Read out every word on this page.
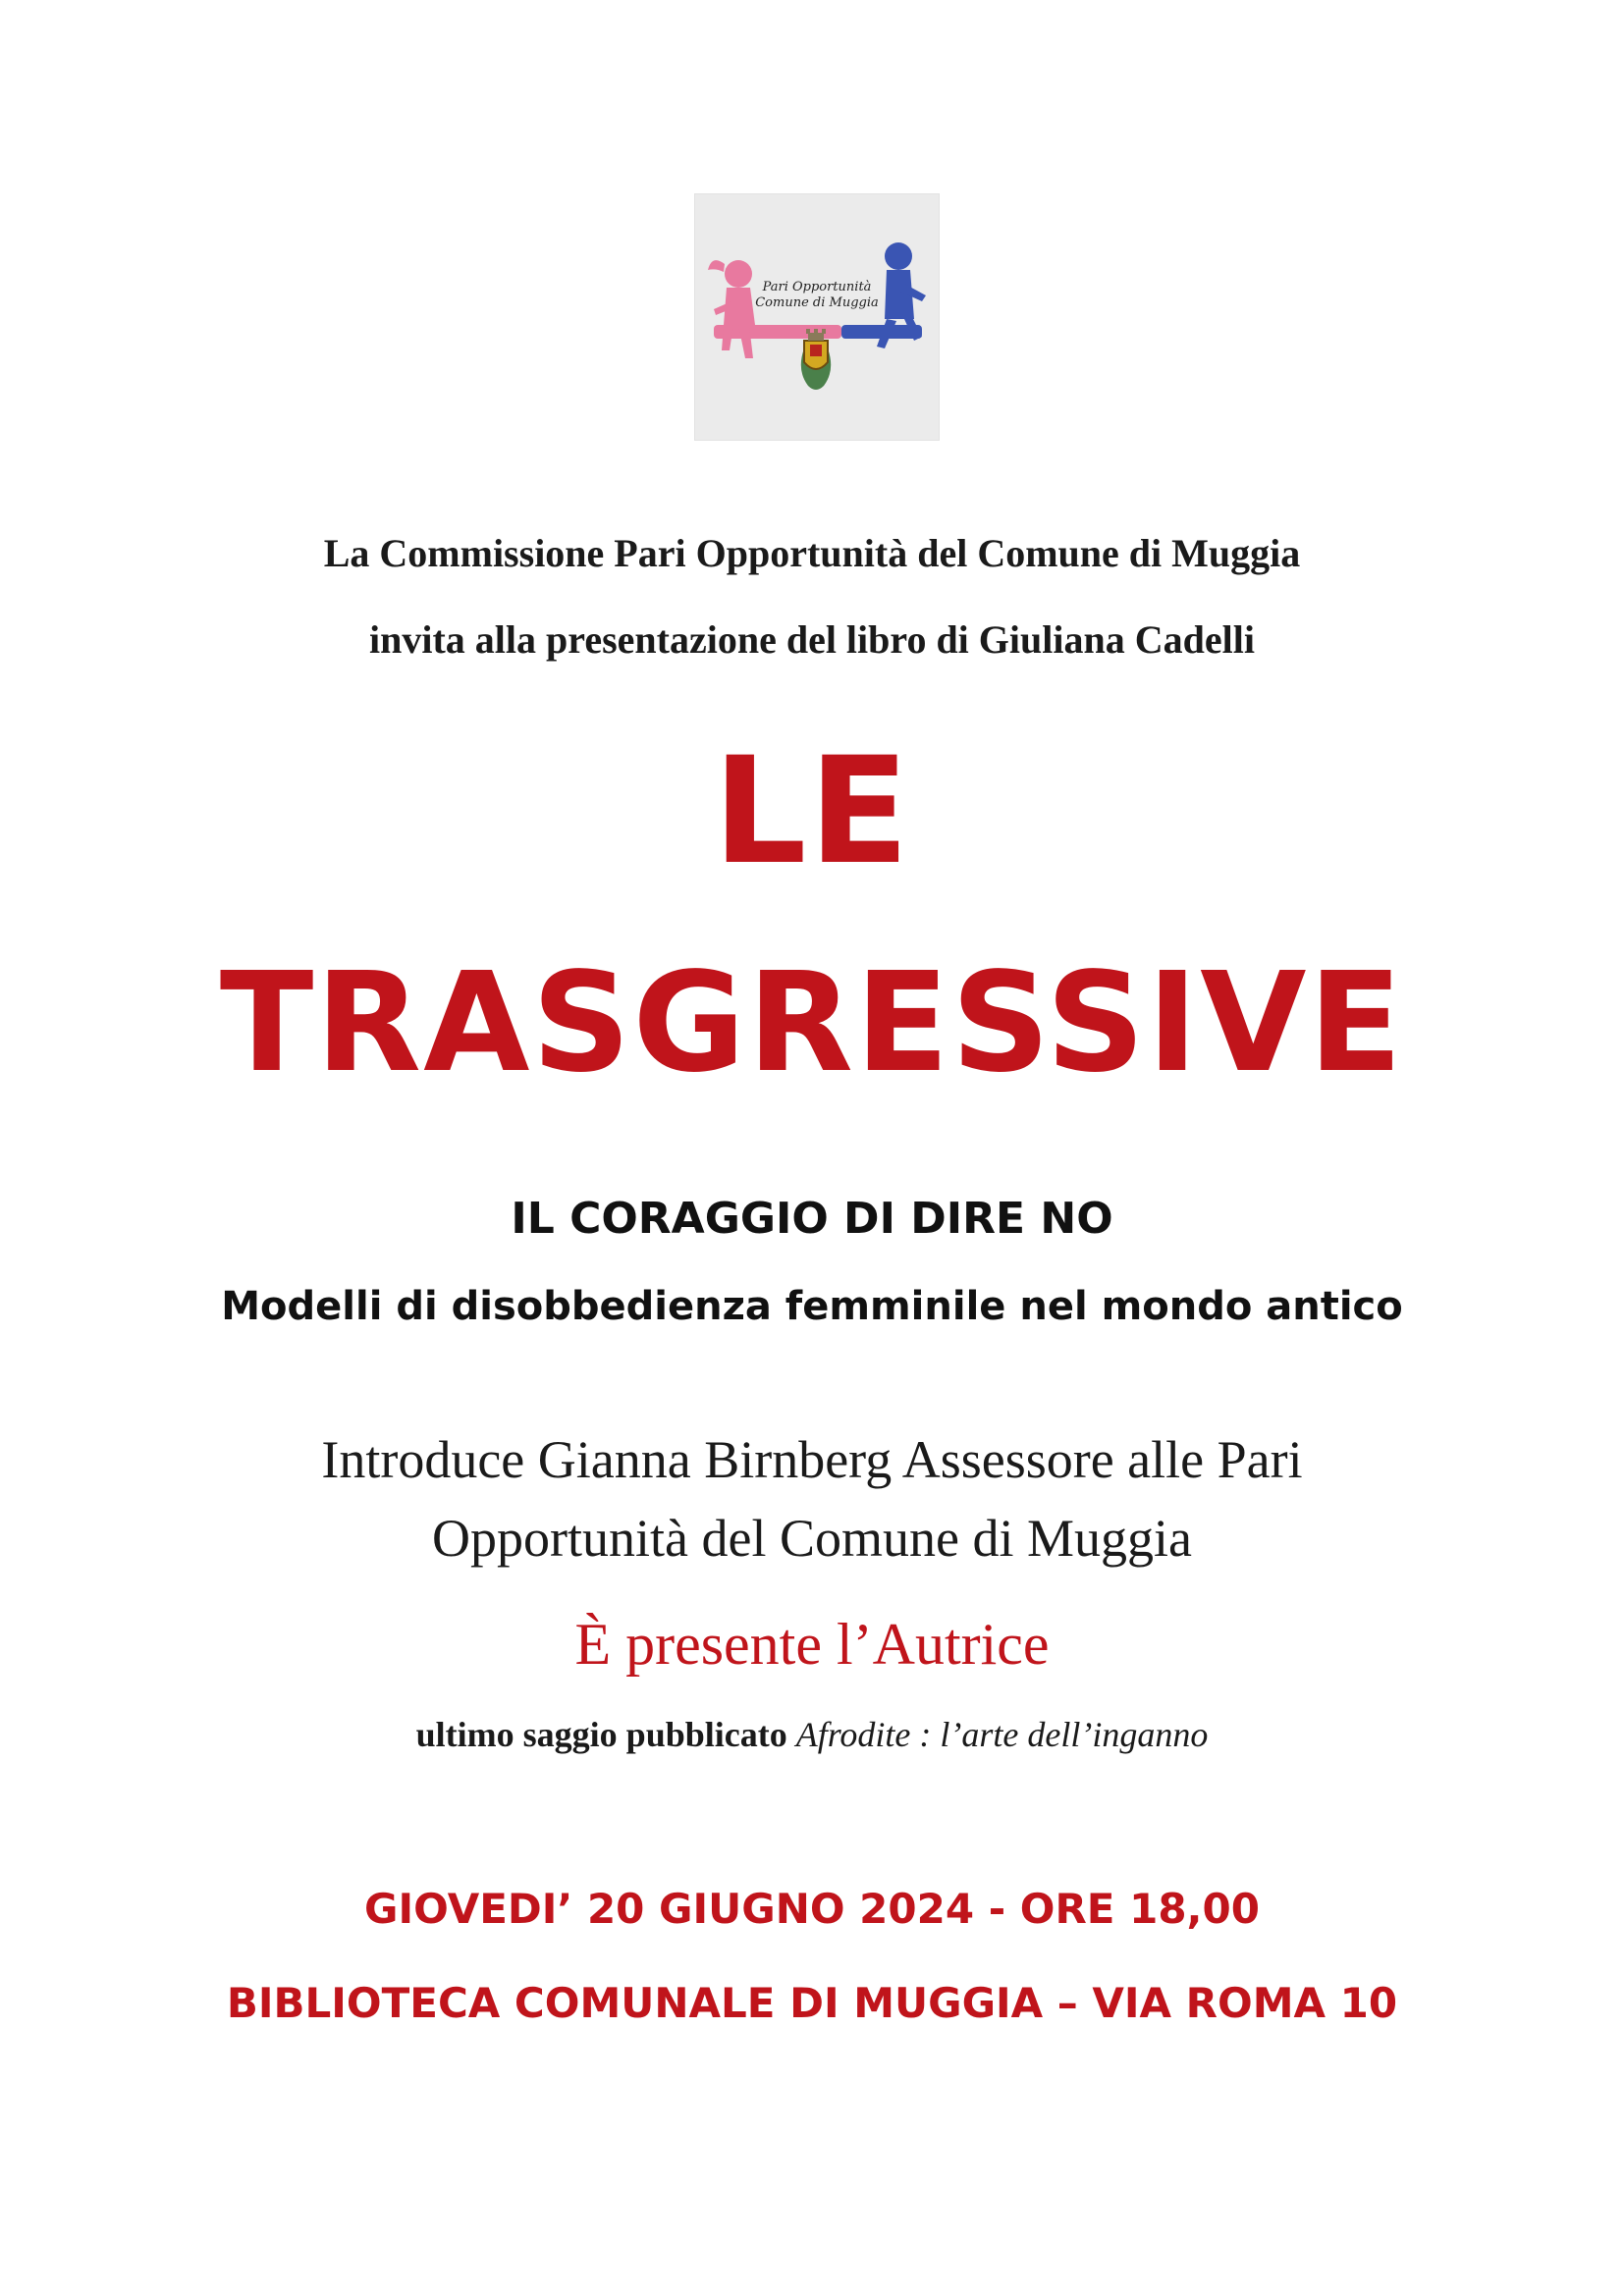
Pari Opportunità
Comune di Muggia
La Commissione Pari Opportunità del Comune di Muggia
invita alla presentazione del libro di Giuliana Cadelli
LE
TRASGRESSIVE
IL CORAGGIO DI DIRE NO
Modelli di disobbedienza femminile nel mondo antico
Introduce Gianna Birnberg Assessore alle Pari
Opportunità del Comune di Muggia
È presente l’Autrice
ultimo saggio pubblicato Afrodite : l’arte dell’inganno
GIOVEDI’ 20 GIUGNO 2024 - ORE 18,00
BIBLIOTECA COMUNALE DI MUGGIA – VIA ROMA 10
